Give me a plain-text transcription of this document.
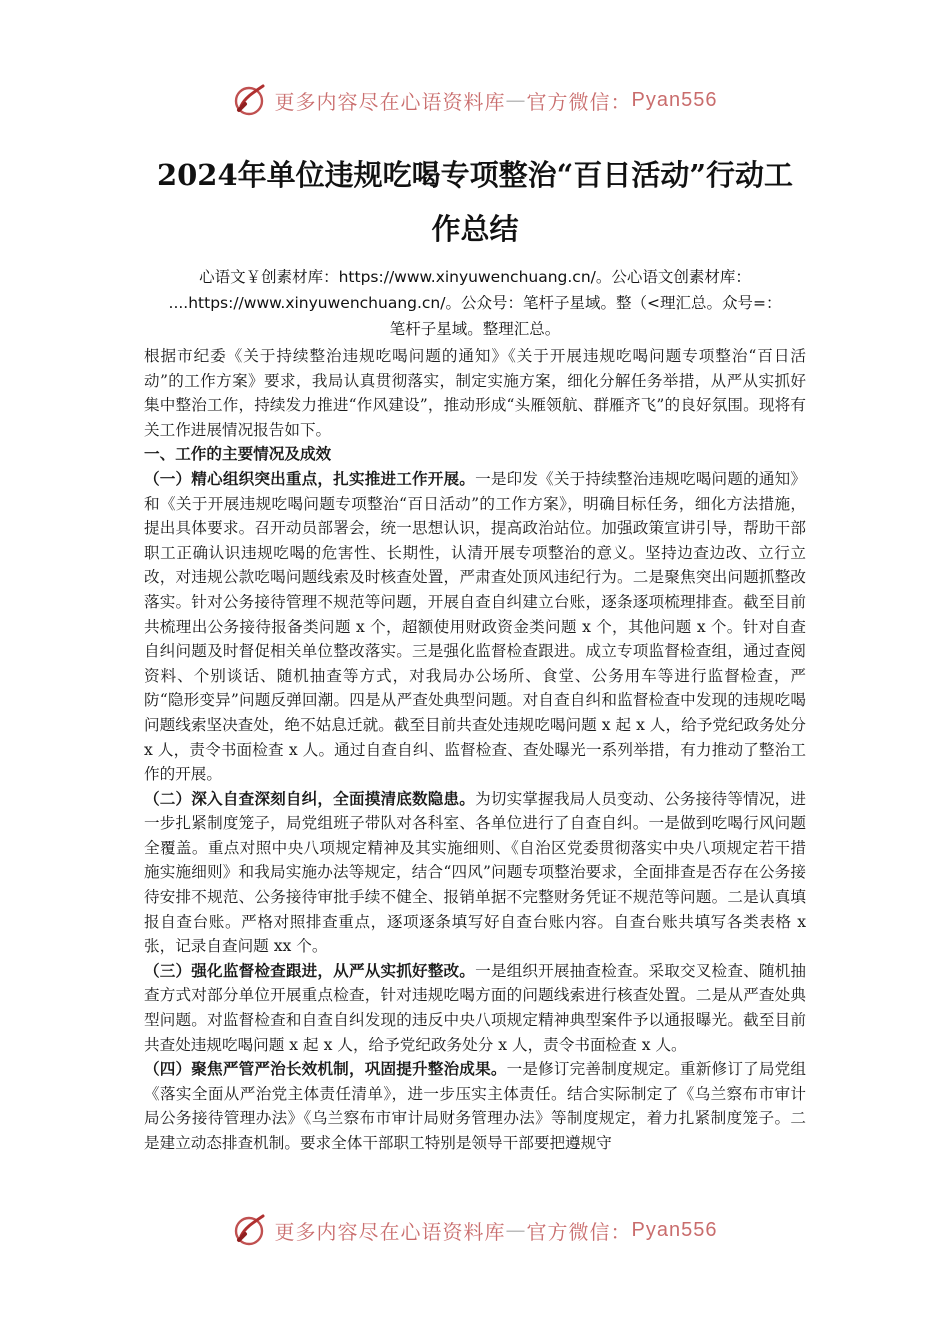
更多内容尽在心语资料库 — 官方微信： Pyan556
2024年单位违规吃喝专项整治“百日活动”行动工
作总结
心语文￥创素材库：https://www.xinyuwenchuang.cn/。公心语文创素材库：
....https://www.xinyuwenchuang.cn/。公众号：笔杆子星域。整（<理汇总。众号=：
笔杆子星域。整理汇总。

根据市纪委《关于持续整治违规吃喝问题的通知》《关于开展违规吃喝问题专项整治“百日活动”的工作方案》要求，我局认真贯彻落实，制定实施方案，细化分解任务举措，从严从实抓好集中整治工作，持续发力推进“作风建设”，推动形成“头雁领航、群雁齐飞”的良好氛围。现将有关工作进展情况报告如下。

一、工作的主要情况及成效

（一）精心组织突出重点，扎实推进工作开展。一是印发《关于持续整治违规吃喝问题的通知》和《关于开展违规吃喝问题专项整治“百日活动”的工作方案》，明确目标任务，细化方法措施，提出具体要求。召开动员部署会，统一思想认识，提高政治站位。加强政策宣讲引导，帮助干部职工正确认识违规吃喝的危害性、长期性，认清开展专项整治的意义。坚持边查边改、立行立改，对违规公款吃喝问题线索及时核查处置，严肃查处顶风违纪行为。二是聚焦突出问题抓整改落实。针对公务接待管理不规范等问题，开展自查自纠建立台账，逐条逐项梳理排查。截至目前共梳理出公务接待报备类问题 x 个，超额使用财政资金类问题 x 个，其他问题 x 个。针对自查自纠问题及时督促相关单位整改落实。三是强化监督检查跟进。成立专项监督检查组，通过查阅资料、个别谈话、随机抽查等方式，对我局办公场所、食堂、公务用车等进行监督检查，严防“隐形变异”问题反弹回潮。四是从严查处典型问题。对自查自纠和监督检查中发现的违规吃喝问题线索坚决查处，绝不姑息迁就。截至目前共查处违规吃喝问题 x 起 x 人，给予党纪政务处分 x 人，责令书面检查 x 人。通过自查自纠、监督检查、查处曝光一系列举措，有力推动了整治工作的开展。

（二）深入自查深刻自纠，全面摸清底数隐患。为切实掌握我局人员变动、公务接待等情况，进一步扎紧制度笼子，局党组班子带队对各科室、各单位进行了自查自纠。一是做到吃喝行风问题全覆盖。重点对照中央八项规定精神及其实施细则、《自治区党委贯彻落实中央八项规定若干措施实施细则》和我局实施办法等规定，结合“四风”问题专项整治要求，全面排查是否存在公务接待安排不规范、公务接待审批手续不健全、报销单据不完整财务凭证不规范等问题。二是认真填报自查台账。严格对照排查重点，逐项逐条填写好自查台账内容。自查台账共填写各类表格 x 张，记录自查问题 xx 个。

（三）强化监督检查跟进，从严从实抓好整改。一是组织开展抽查检查。采取交叉检查、随机抽查方式对部分单位开展重点检查，针对违规吃喝方面的问题线索进行核查处置。二是从严查处典型问题。对监督检查和自查自纠发现的违反中央八项规定精神典型案件予以通报曝光。截至目前共查处违规吃喝问题 x 起 x 人，给予党纪政务处分 x 人，责令书面检查 x 人。

（四）聚焦严管严治长效机制，巩固提升整治成果。一是修订完善制度规定。重新修订了局党组《落实全面从严治党主体责任清单》，进一步压实主体责任。结合实际制定了《乌兰察布市审计局公务接待管理办法》《乌兰察布市审计局财务管理办法》等制度规定，着力扎紧制度笼子。二是建立动态排查机制。要求全体干部职工特别是领导干部要把遵规守

更多内容尽在心语资料库 — 官方微信： Pyan556
